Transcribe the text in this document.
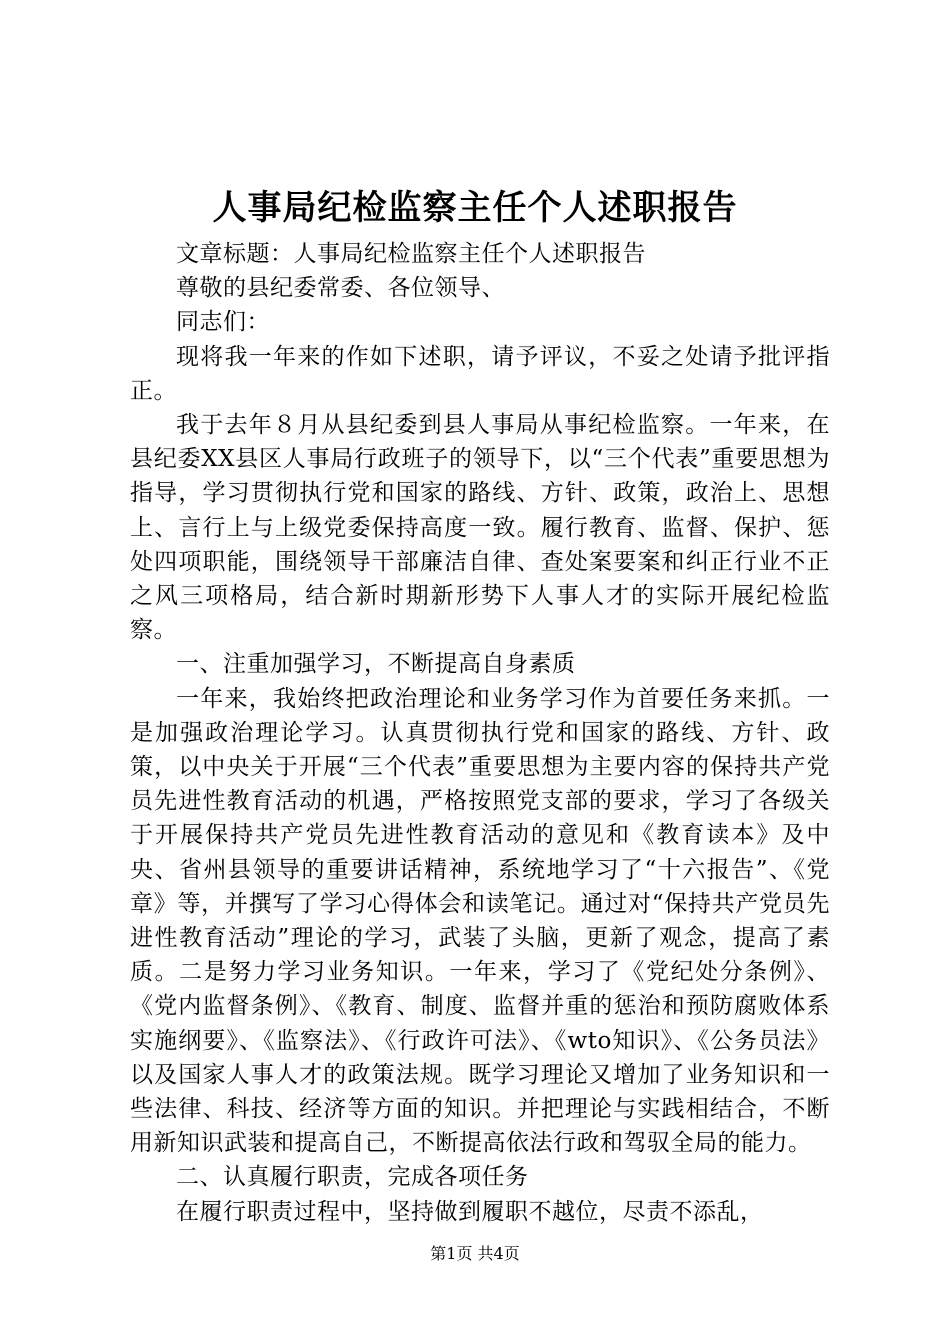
人事局纪检监察主任个人述职报告

文章标题：人事局纪检监察主任个人述职报告

尊敬的县纪委常委、各位领导、

同志们：

现将我一年来的作如下述职，请予评议，不妥之处请予批评指正。

我于去年８月从县纪委到县人事局从事纪检监察。一年来，在县纪委XX县区人事局行政班子的领导下，以“三个代表”重要思想为指导，学习贯彻执行党和国家的路线、方针、政策，政治上、思想上、言行上与上级党委保持高度一致。履行教育、监督、保护、惩处四项职能，围绕领导干部廉洁自律、查处案要案和纠正行业不正之风三项格局，结合新时期新形势下人事人才的实际开展纪检监察。

一、注重加强学习，不断提高自身素质

一年来，我始终把政治理论和业务学习作为首要任务来抓。一是加强政治理论学习。认真贯彻执行党和国家的路线、方针、政策，以中央关于开展“三个代表”重要思想为主要内容的保持共产党员先进性教育活动的机遇，严格按照党支部的要求，学习了各级关于开展保持共产党员先进性教育活动的意见和《教育读本》及中央、省州县领导的重要讲话精神，系统地学习了“十六报告”、《党章》等，并撰写了学习心得体会和读笔记。通过对“保持共产党员先进性教育活动”理论的学习，武装了头脑，更新了观念，提高了素质。二是努力学习业务知识。一年来，学习了《党纪处分条例》、《党内监督条例》、《教育、制度、监督并重的惩治和预防腐败体系实施纲要》、《监察法》、《行政许可法》、《wto知识》、《公务员法》以及国家人事人才的政策法规。既学习理论又增加了业务知识和一些法律、科技、经济等方面的知识。并把理论与实践相结合，不断用新知识武装和提高自己，不断提高依法行政和驾驭全局的能力。

二、认真履行职责，完成各项任务

在履行职责过程中，坚持做到履职不越位，尽责不添乱，

第1页 共4页
